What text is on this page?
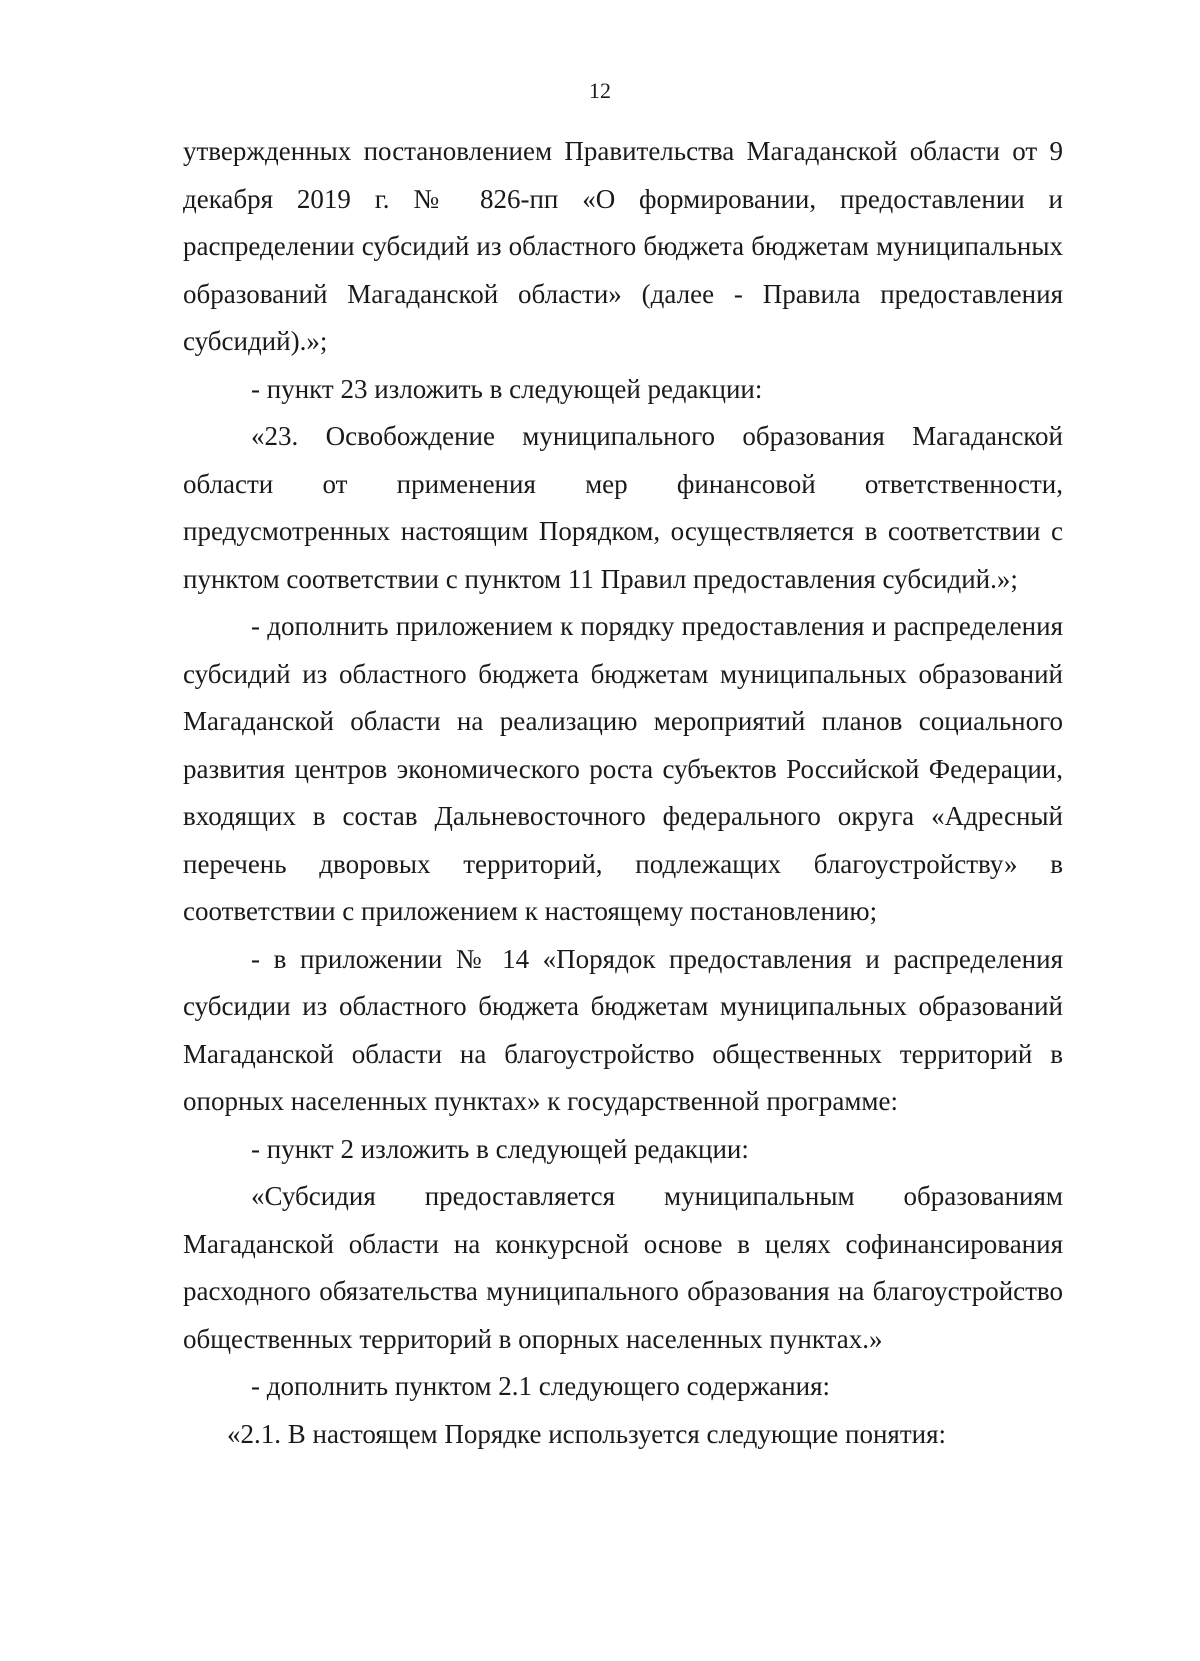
12

утвержденных постановлением Правительства Магаданской области от 9 декабря 2019 г. № 826-пп «О формировании, предоставлении и распределении субсидий из областного бюджета бюджетам муниципальных образований Магаданской области» (далее - Правила предоставления субсидий).»;

- пункт 23 изложить в следующей редакции:

«23. Освобождение муниципального образования Магаданской области от применения мер финансовой ответственности, предусмотренных настоящим Порядком, осуществляется в соответствии с пунктом соответствии с пунктом 11 Правил предоставления субсидий.»;

- дополнить приложением к порядку предоставления и распределения субсидий из областного бюджета бюджетам муниципальных образований Магаданской области на реализацию мероприятий планов социального развития центров экономического роста субъектов Российской Федерации, входящих в состав Дальневосточного федерального округа «Адресный перечень дворовых территорий, подлежащих благоустройству» в соответствии с приложением к настоящему постановлению;

- в приложении № 14 «Порядок предоставления и распределения субсидии из областного бюджета бюджетам муниципальных образований Магаданской области на благоустройство общественных территорий в опорных населенных пунктах» к государственной программе:

- пункт 2 изложить в следующей редакции:

«Субсидия предоставляется муниципальным образованиям Магаданской области на конкурсной основе в целях софинансирования расходного обязательства муниципального образования на благоустройство общественных территорий в опорных населенных пунктах.»

- дополнить пунктом 2.1 следующего содержания:

«2.1. В настоящем Порядке используется следующие понятия:
